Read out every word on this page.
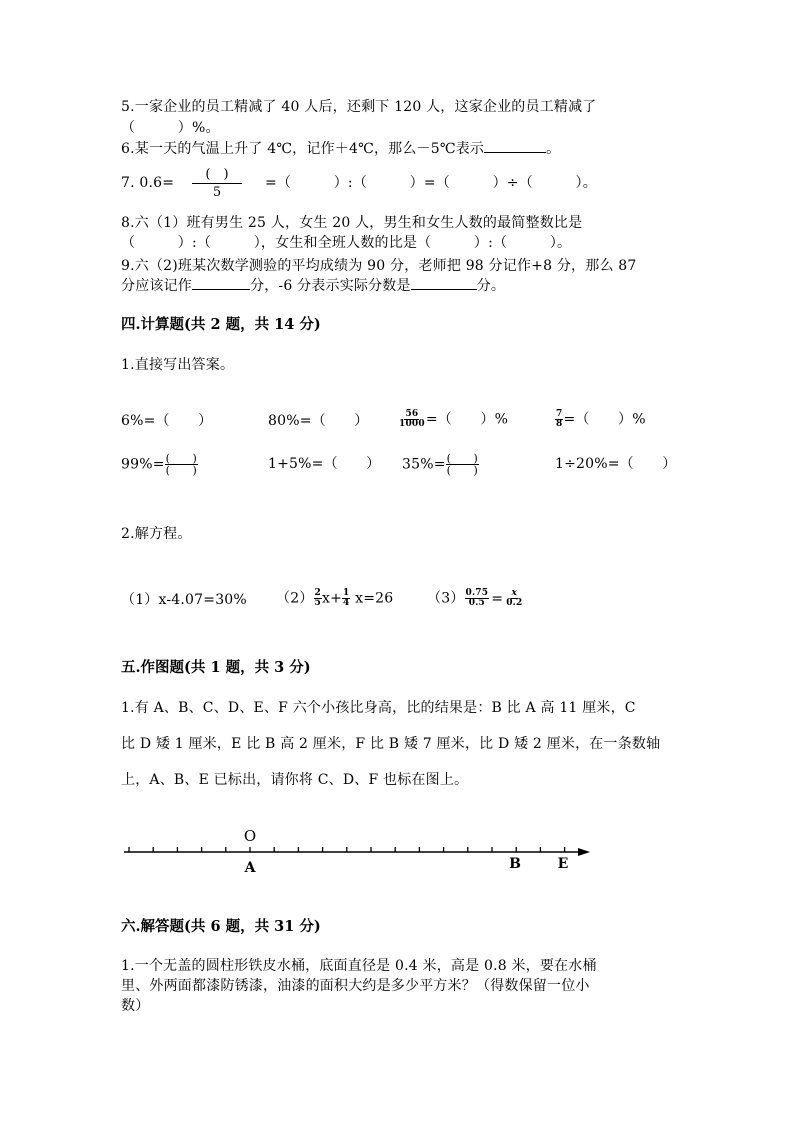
5.一家企业的员工精减了 40 人后，还剩下 120 人，这家企业的员工精减了
（　　　）%。
6.某一天的气温上升了 4℃，记作＋4℃，那么－5℃表示	。
7. 0.6=
(　)
5
=（　　　）:（　　　）=（　　　）÷（　　　）。
8.六（1）班有男生 25 人，女生 20 人，男生和女生人数的最简整数比是
（　　　）:（　　　），女生和全班人数的比是（　　　）:（　　　）。
9.六（2)班某次数学测验的平均成绩为 90 分，老师把 98 分记作+8 分，那么 87
分应该记作	分，-6 分表示实际分数是	分。
四.计算题(共 2 题，共 14 分)
1.直接写出答案。
6%=（　　）	80%=（　　）	$\frac{56}{1000}$ =（　　）%	$\frac{7}{8}$ =（　　）%
$99\%= \frac{( )}{( )}$	1+5%=（　　） $35\%= \frac{( )}{( )}$	1÷20%=（　　）
2.解方程。
（1）x-4.07=30% $(2) \frac{2}{5} x+ \frac{1}{4} x=26$ $(3) \frac{0.75}{0.5} = \frac{x}{0.2}$
五.作图题(共 1 题，共 3 分)
1.有 A、B、C、D、E、F 六个小孩比身高，比的结果是：B 比 A 高 11 厘米，C
比 D 矮 1 厘米，E 比 B 高 2 厘米，F 比 B 矮 7 厘米，比 D 矮 2 厘米，在一条数轴
上，A、B、E 已标出，请你将 C、D、F 也标在图上。
O
A	B	E
六.解答题(共 6 题，共 31 分)
1.一个无盖的圆柱形铁皮水桶，底面直径是 0.4 米，高是 0.8 米，要在水桶
里、外两面都漆防锈漆，油漆的面积大约是多少平方米？（得数保留一位小
数）
